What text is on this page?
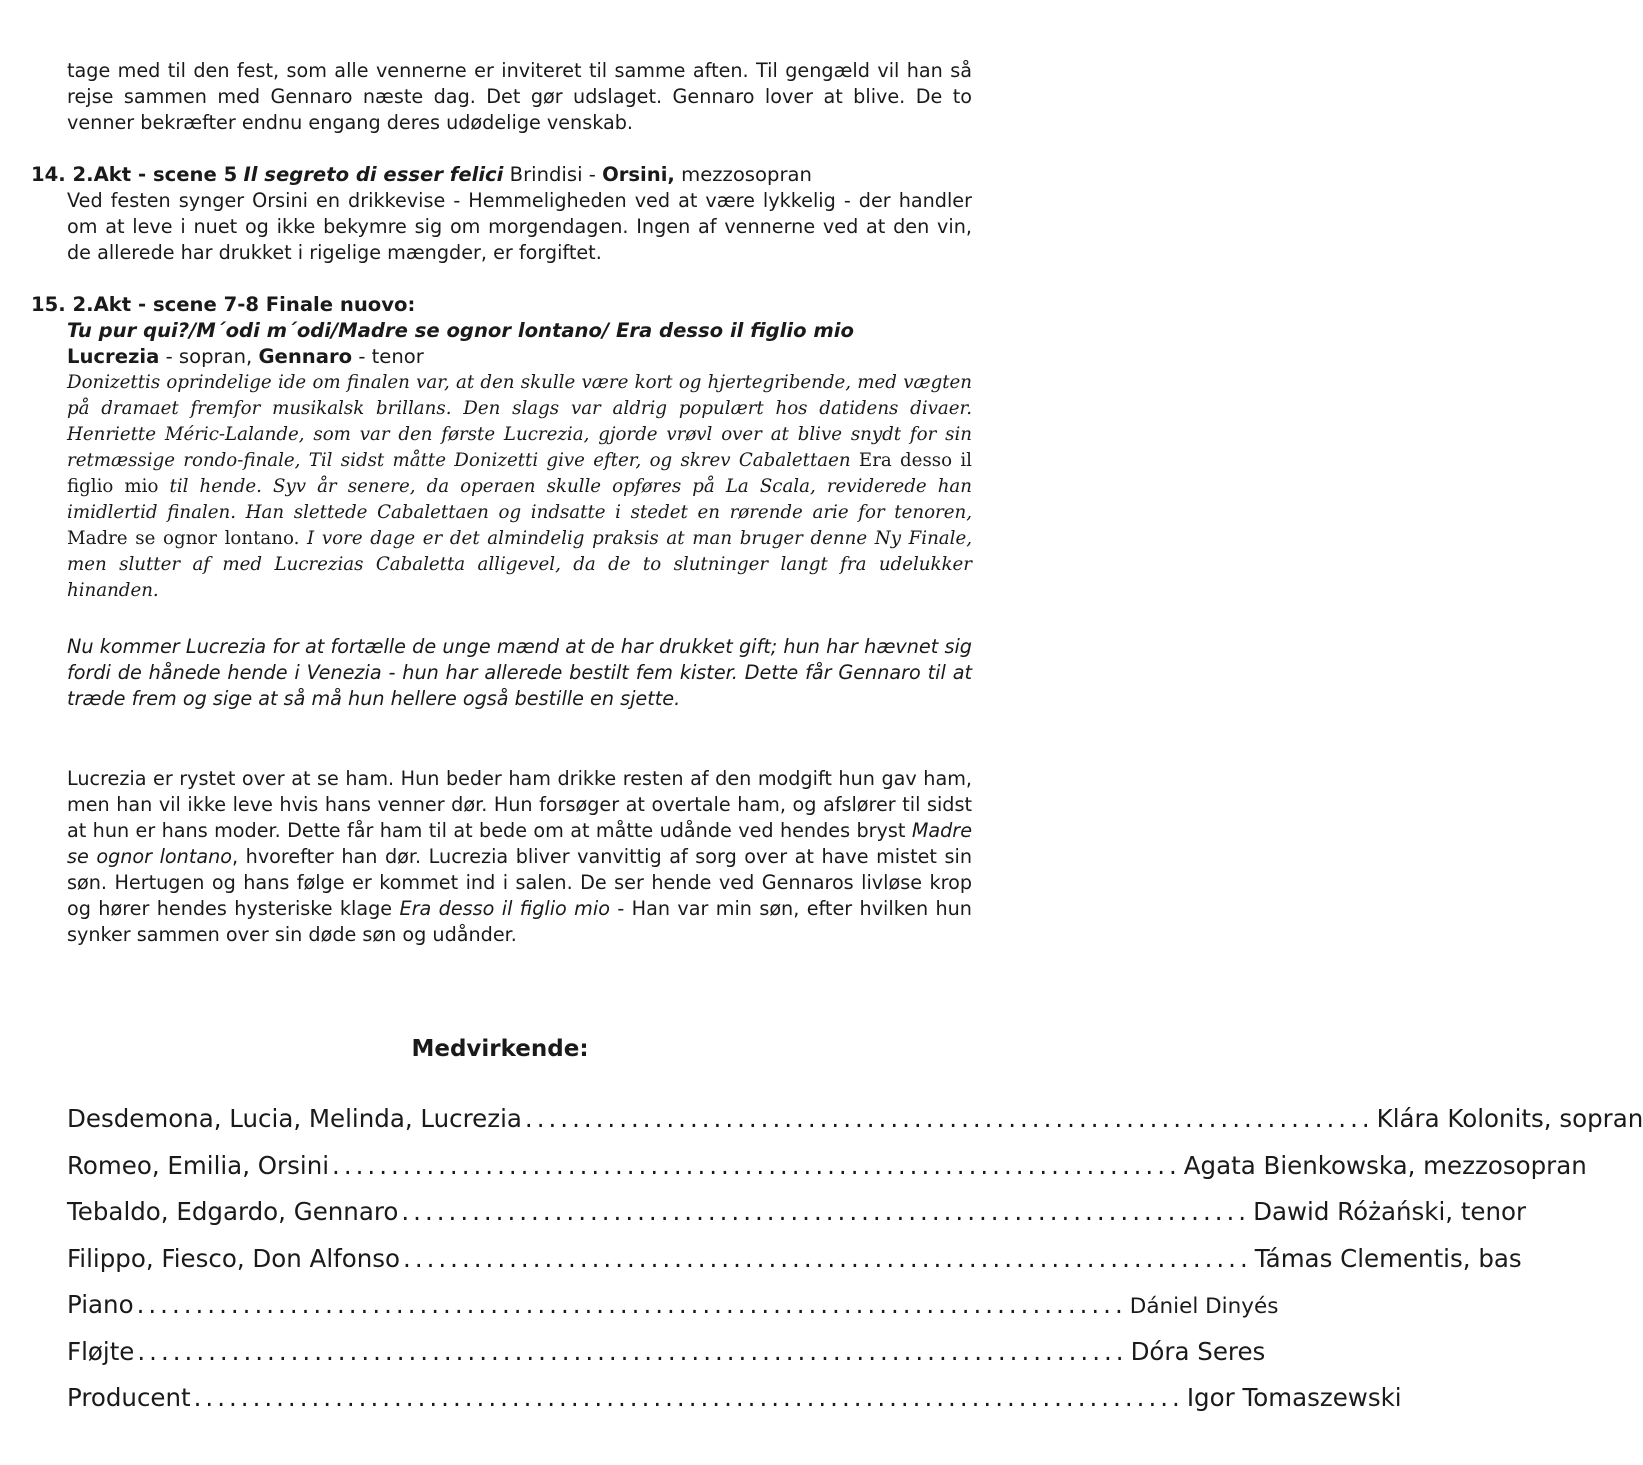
tage med til den fest, som alle vennerne er inviteret til samme aften. Til gengæld vil han så rejse sammen med Gennaro næste dag. Det gør udslaget. Gennaro lover at blive. De to venner bekræfter endnu engang deres udødelige venskab.

14. 2.Akt - scene 5 Il segreto di esser felici Brindisi - Orsini, mezzosopran

Ved festen synger Orsini en drikkevise - Hemmeligheden ved at være lykkelig - der handler om at leve i nuet og ikke bekymre sig om morgendagen. Ingen af vennerne ved at den vin, de allerede har drukket i rigelige mængder, er forgiftet.

15. 2.Akt - scene 7-8 Finale nuovo:

Tu pur qui?/M´odi m´odi/Madre se ognor lontano/ Era desso il figlio mio

Lucrezia - sopran, Gennaro - tenor

Donizettis oprindelige ide om finalen var, at den skulle være kort og hjertegribende, med vægten på dramaet fremfor musikalsk brillans. Den slags var aldrig populært hos datidens divaer. Henriette Méric-Lalande, som var den første Lucrezia, gjorde vrøvl over at blive snydt for sin retmæssige rondo-finale, Til sidst måtte Donizetti give efter, og skrev Cabalettaen Era desso il figlio mio til hende. Syv år senere, da operaen skulle opføres på La Scala, reviderede han imidlertid finalen. Han slettede Cabalettaen og indsatte i stedet en rørende arie for tenoren, Madre se ognor lontano. I vore dage er det almindelig praksis at man bruger denne Ny Finale, men slutter af med Lucrezias Cabaletta alligevel, da de to slutninger langt fra udelukker hinanden.

Nu kommer Lucrezia for at fortælle de unge mænd at de har drukket gift; hun har hævnet sig fordi de hånede hende i Venezia - hun har allerede bestilt fem kister. Dette får Gennaro til at træde frem og sige at så må hun hellere også bestille en sjette.

Lucrezia er rystet over at se ham. Hun beder ham drikke resten af den modgift hun gav ham, men han vil ikke leve hvis hans venner dør. Hun forsøger at overtale ham, og afslører til sidst at hun er hans moder. Dette får ham til at bede om at måtte udånde ved hendes bryst Madre se ognor lontano, hvorefter han dør. Lucrezia bliver vanvittig af sorg over at have mistet sin søn. Hertugen og hans følge er kommet ind i salen. De ser hende ved Gennaros livløse krop og hører hendes hysteriske klage Era desso il figlio mio - Han var min søn, efter hvilken hun synker sammen over sin døde søn og udånder.

Medvirkende:
Desdemona, Lucia, Melinda, Lucrezia ........................................................................ Klára Kolonits, sopran
Romeo, Emilia, Orsini ........................................................................ Agata Bienkowska, mezzosopran
Tebaldo, Edgardo, Gennaro ........................................................................ Dawid Różański, tenor
Filippo, Fiesco, Don Alfonso ........................................................................ Támas Clementis, bas
Piano .................................................................................... Dániel Dinyés
Fløjte .................................................................................... Dóra Seres
Producent .................................................................................... Igor Tomaszewski
